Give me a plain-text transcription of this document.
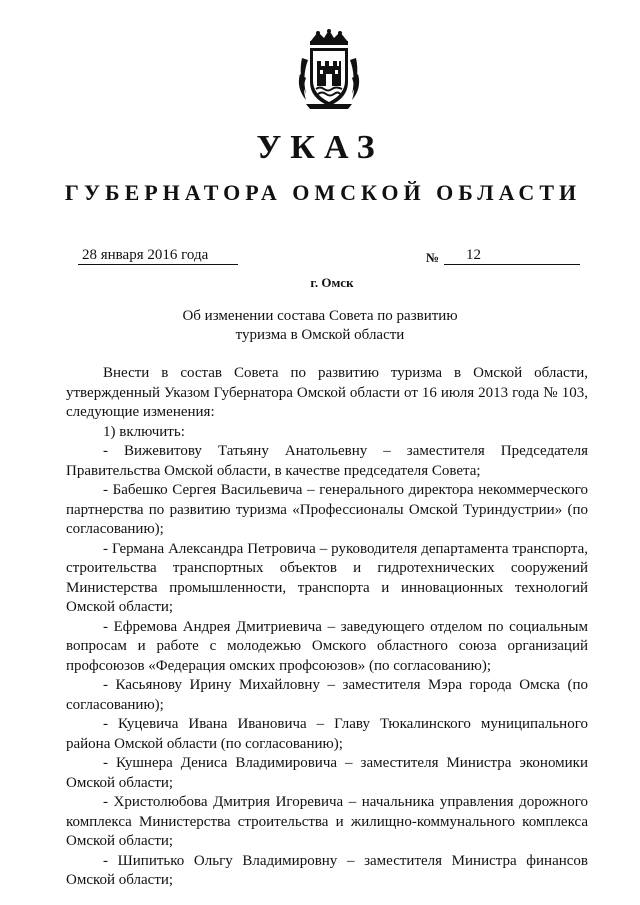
УКАЗ
ГУБЕРНАТОРА ОМСКОЙ ОБЛАСТИ
28 января 2016 года	№	12
г. Омск
Об изменении состава Совета по развитию
туризма в Омской области

Внести в состав Совета по развитию туризма в Омской области, утвержденный Указом Губернатора Омской области от 16 июля 2013 года № 103, следующие изменения:

1) включить:

- Вижевитову Татьяну Анатольевну – заместителя Председателя Правительства Омской области, в качестве председателя Совета;

- Бабешко Сергея Васильевича – генерального директора некоммерческого партнерства по развитию туризма «Профессионалы Омской Туриндустрии» (по согласованию);

- Германа Александра Петровича – руководителя департамента транспорта, строительства транспортных объектов и гидротехнических сооружений Министерства промышленности, транспорта и инновационных технологий Омской области;

- Ефремова Андрея Дмитриевича – заведующего отделом по социальным вопросам и работе с молодежью Омского областного союза организаций профсоюзов «Федерация омских профсоюзов» (по согласованию);

- Касьянову Ирину Михайловну – заместителя Мэра города Омска (по согласованию);

- Куцевича Ивана Ивановича – Главу Тюкалинского муниципального района Омской области (по согласованию);

- Кушнера Дениса Владимировича – заместителя Министра экономики Омской области;

- Христолюбова Дмитрия Игоревича – начальника управления дорожного комплекса Министерства строительства и жилищно-коммунального комплекса Омской области;

- Шипитько Ольгу Владимировну – заместителя Министра финансов Омской области;
